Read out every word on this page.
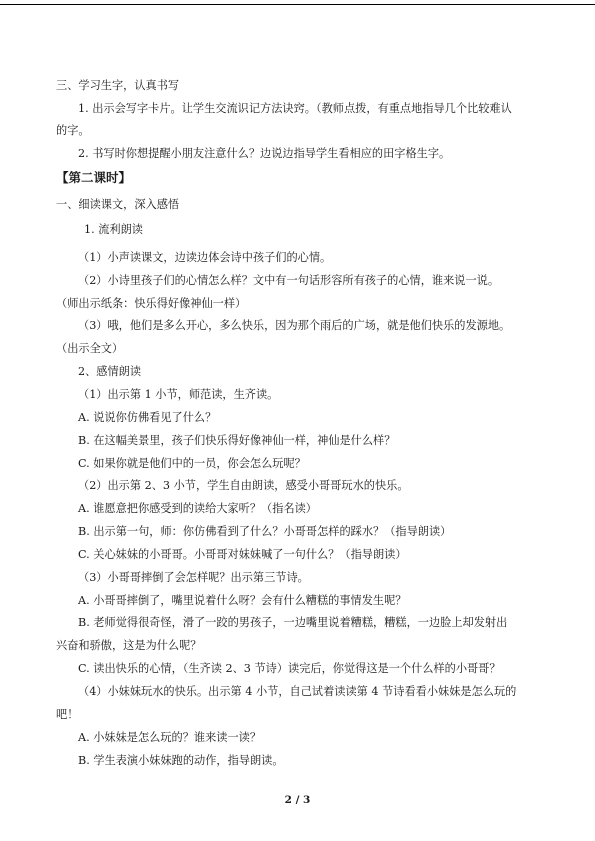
三、学习生字，认真书写
1. 出示会写字卡片。让学生交流识记方法诀窍。（教师点拨，有重点地指导几个比较难认
的字。
2. 书写时你想提醒小朋友注意什么？边说边指导学生看相应的田字格生字。
【第二课时】
一、细读课文，深入感悟
1. 流利朗读
（1）小声读课文，边读边体会诗中孩子们的心情。
（2）小诗里孩子们的心情怎么样？文中有一句话形容所有孩子的心情，谁来说一说。
（师出示纸条：快乐得好像神仙一样）
（3）哦，他们是多么开心，多么快乐，因为那个雨后的广场，就是他们快乐的发源地。
（出示全文）
2、感情朗读
（1）出示第 1 小节，师范读，生齐读。
A. 说说你仿佛看见了什么？
B. 在这幅美景里，孩子们快乐得好像神仙一样，神仙是什么样？
C. 如果你就是他们中的一员，你会怎么玩呢？
（2）出示第 2、3 小节，学生自由朗读，感受小哥哥玩水的快乐。
A. 谁愿意把你感受到的读给大家听？（指名读）
B. 出示第一句，师：你仿佛看到了什么？小哥哥怎样的踩水？（指导朗读）
C. 关心妹妹的小哥哥。小哥哥对妹妹喊了一句什么？（指导朗读）
（3）小哥哥摔倒了会怎样呢？出示第三节诗。
A. 小哥哥摔倒了，嘴里说着什么呀？会有什么糟糕的事情发生呢？
B. 老师觉得很奇怪，滑了一跤的男孩子，一边嘴里说着糟糕，糟糕，一边脸上却发射出
兴奋和骄傲，这是为什么呢？
C. 读出快乐的心情，（生齐读 2、3 节诗）读完后，你觉得这是一个什么样的小哥哥？
（4）小妹妹玩水的快乐。出示第 4 小节，自己试着读读第 4 节诗看看小妹妹是怎么玩的
吧！
A. 小妹妹是怎么玩的？谁来读一读？
B. 学生表演小妹妹跑的动作，指导朗读。
2 / 3
